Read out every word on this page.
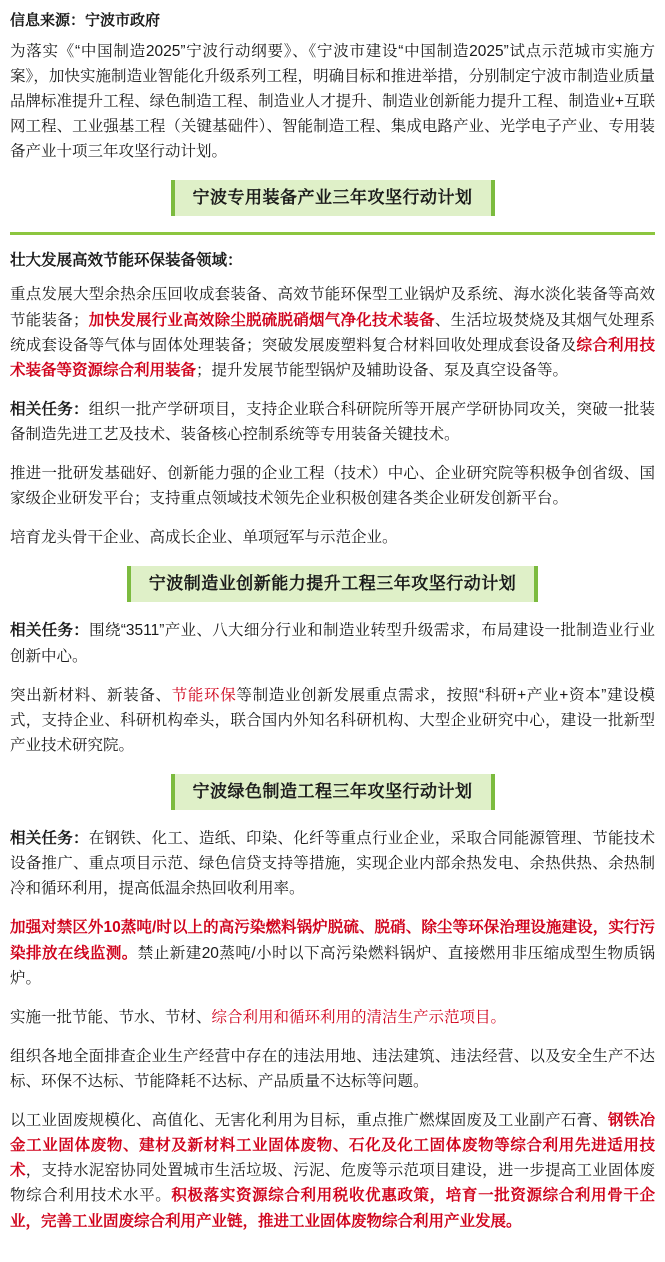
信息来源：宁波市政府

为落实《“中国制造2025”宁波行动纲要》、《宁波市建设“中国制造2025”试点示范城市实施方案》，加快实施制造业智能化升级系列工程，明确目标和推进举措，分别制定宁波市制造业质量品牌标准提升工程、绿色制造工程、制造业人才提升、制造业创新能力提升工程、制造业+互联网工程、工业强基工程（关键基础件）、智能制造工程、集成电路产业、光学电子产业、专用装备产业十项三年攻坚行动计划。

宁波专用装备产业三年攻坚行动计划
壮大发展高效节能环保装备领域：

重点发展大型余热余压回收成套装备、高效节能环保型工业锅炉及系统、海水淡化装备等高效节能装备；加快发展行业高效除尘脱硫脱硝烟气净化技术装备、生活垃圾焚烧及其烟气处理系统成套设备等气体与固体处理装备；突破发展废塑料复合材料回收处理成套设备及综合利用技术装备等资源综合利用装备；提升发展节能型锅炉及辅助设备、泵及真空设备等。

相关任务：组织一批产学研项目，支持企业联合科研院所等开展产学研协同攻关，突破一批装备制造先进工艺及技术、装备核心控制系统等专用装备关键技术。

推进一批研发基础好、创新能力强的企业工程（技术）中心、企业研究院等积极争创省级、国家级企业研发平台；支持重点领域技术领先企业积极创建各类企业研发创新平台。

培育龙头骨干企业、高成长企业、单项冠军与示范企业。

宁波制造业创新能力提升工程三年攻坚行动计划

相关任务：围绕“3511”产业、八大细分行业和制造业转型升级需求，布局建设一批制造业行业创新中心。

突出新材料、新装备、节能环保等制造业创新发展重点需求，按照“科研+产业+资本”建设模式，支持企业、科研机构牵头，联合国内外知名科研机构、大型企业研究中心，建设一批新型产业技术研究院。

宁波绿色制造工程三年攻坚行动计划

相关任务：在钢铁、化工、造纸、印染、化纤等重点行业企业，采取合同能源管理、节能技术设备推广、重点项目示范、绿色信贷支持等措施，实现企业内部余热发电、余热供热、余热制冷和循环利用，提高低温余热回收利用率。

加强对禁区外10蒸吨/时以上的高污染燃料锅炉脱硫、脱硝、除尘等环保治理设施建设，实行污染排放在线监测。禁止新建20蒸吨/小时以下高污染燃料锅炉、直接燃用非压缩成型生物质锅炉。

实施一批节能、节水、节材、综合利用和循环利用的清洁生产示范项目。

组织各地全面排查企业生产经营中存在的违法用地、违法建筑、违法经营、以及安全生产不达标、环保不达标、节能降耗不达标、产品质量不达标等问题。

以工业固废规模化、高值化、无害化利用为目标，重点推广燃煤固废及工业副产石膏、钢铁冶金工业固体废物、建材及新材料工业固体废物、石化及化工固体废物等综合利用先进适用技术，支持水泥窑协同处置城市生活垃圾、污泥、危废等示范项目建设，进一步提高工业固体废物综合利用技术水平。积极落实资源综合利用税收优惠政策，培育一批资源综合利用骨干企业，完善工业固废综合利用产业链，推进工业固体废物综合利用产业发展。
